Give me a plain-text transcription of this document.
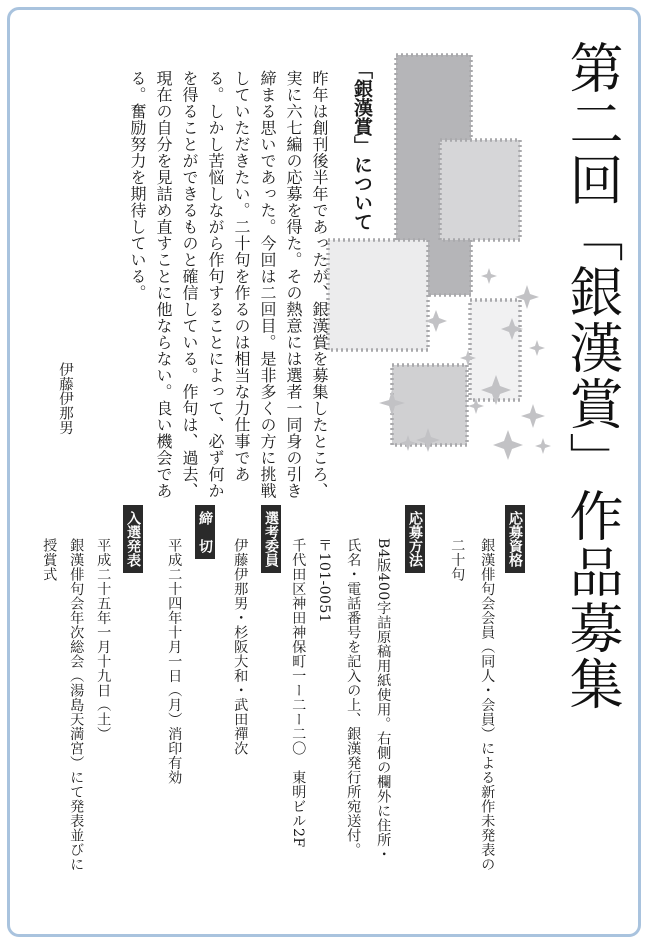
第二回「銀漢賞」作品募集
「銀漢賞」について
昨年は創刊後半年であったが、銀漢賞を募集したところ、実に六七編の応募を得た。その熱意には選者一同身の引き締まる思いであった。今回は二回目。是非多くの方に挑戦していただきたい。二十句を作るのは相当な力仕事である。しかし苦悩しながら作句することによって、必ず何かを得ることができるものと確信している。作句は、過去、現在の自分を見詰め直すことに他ならない。良い機会である。奮励努力を期待している。
伊藤伊那男
応募資格
銀漢俳句会会員（同人・会員）による新作未発表の
二十句
応募方法
B4版400字詰原稿用紙使用。右側の欄外に住所・
氏名・電話番号を記入の上、銀漢発行所宛送付。
〒101-0051
千代田区神田神保町一ー二ー二〇　東明ビル2F
選考委員
伊藤伊那男・杉阪大和・武田禪次
締　切
平成二十四年十月一日（月）消印有効
入選発表
平成二十五年一月十九日（土）
銀漢俳句会年次総会（湯島天満宮）にて発表並びに
授賞式
